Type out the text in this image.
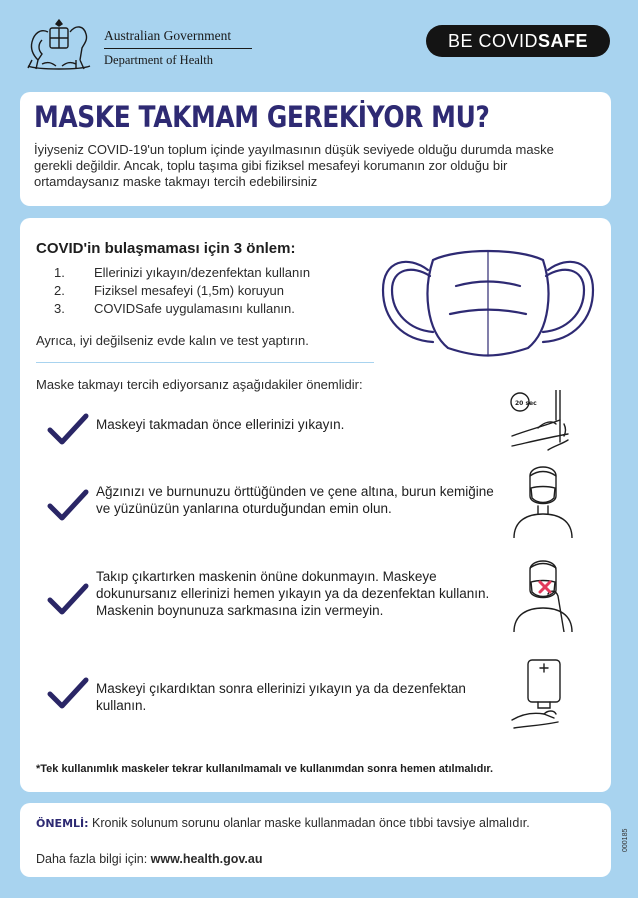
Australian Government
Department of Health
BE COVID SAFE
MASKE TAKMAM GEREKİYOR MU?

İyiyseniz COVID-19'un toplum içinde yayılmasının düşük seviyede olduğu durumda maske gerekli değildir. Ancak, toplu taşıma gibi fiziksel mesafeyi korumanın zor olduğu bir ortamdaysanız maske takmayı tercih edebilirsiniz

COVID'in bulaşmaması için 3 önlem:
1.	Ellerinizi yıkayın/dezenfektan kullanın
2.	Fiziksel mesafeyi (1,5m) koruyun
3.	COVIDSafe uygulamasını kullanın.
Ayrıca, iyi değilseniz evde kalın ve test yaptırın.
Maske takmayı tercih ediyorsanız aşağıdakiler önemlidir:
Maskeyi takmadan önce ellerinizi yıkayın.
20 sec
Ağzınızı ve burnunuzu örttüğünden ve çene altına, burun kemiğine ve yüzünüzün yanlarına oturduğundan emin olun.
Takıp çıkartırken maskenin önüne dokunmayın. Maskeye dokunursanız ellerinizi hemen yıkayın ya da dezenfektan kullanın. Maskenin boynunuza sarkmasına izin vermeyin.
Maskeyi çıkardıktan sonra ellerinizi yıkayın ya da dezenfektan kullanın.
*Tek kullanımlık maskeler tekrar kullanılmamalı ve kullanımdan sonra hemen atılmalıdır.

ÖNEMLİ: Kronik solunum sorunu olanlar maske kullanmadan önce tıbbi tavsiye almalıdır.

Daha fazla bilgi için: www.health.gov.au
000185
